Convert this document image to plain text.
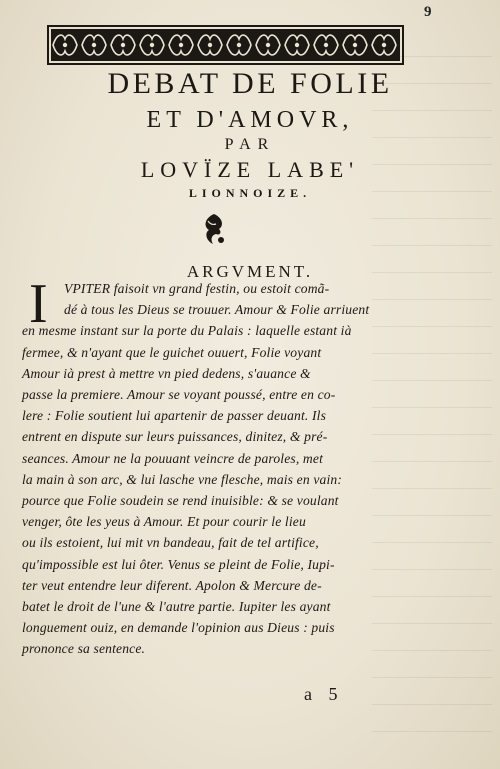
9
DEBAT DE FOLIE
ET D'AMOVR,
PAR
LOVÏZE LABE'
LIONNOIZE.
ARGVMENT.
I VPITER faisoit vn grand festin, ou estoit comã-
dé à tous les Dieus se trouuer. Amour & Folie arriuent
en mesme instant sur la porte du Palais : laquelle estant ià
fermee, & n'ayant que le guichet ouuert, Folie voyant
Amour ià prest à mettre vn pied dedens, s'auance &
passe la premiere. Amour se voyant poussé, entre en co-
lere : Folie soutient lui apartenir de passer deuant. Ils
entrent en dispute sur leurs puissances, dinitez, & pré-
seances. Amour ne la pouuant veincre de paroles, met
la main à son arc, & lui lasche vne flesche, mais en vain:
pource que Folie soudein se rend inuisible: & se voulant
venger, ôte les yeus à Amour. Et pour courir le lieu
ou ils estoient, lui mit vn bandeau, fait de tel artifice,
qu'impossible est lui ôter. Venus se pleint de Folie, Iupi-
ter veut entendre leur diferent. Apolon & Mercure de-
batet le droit de l'une & l'autre partie. Iupiter les ayant
longuement ouiz, en demande l'opinion aus Dieus : puis
prononce sa sentence.
a 5
